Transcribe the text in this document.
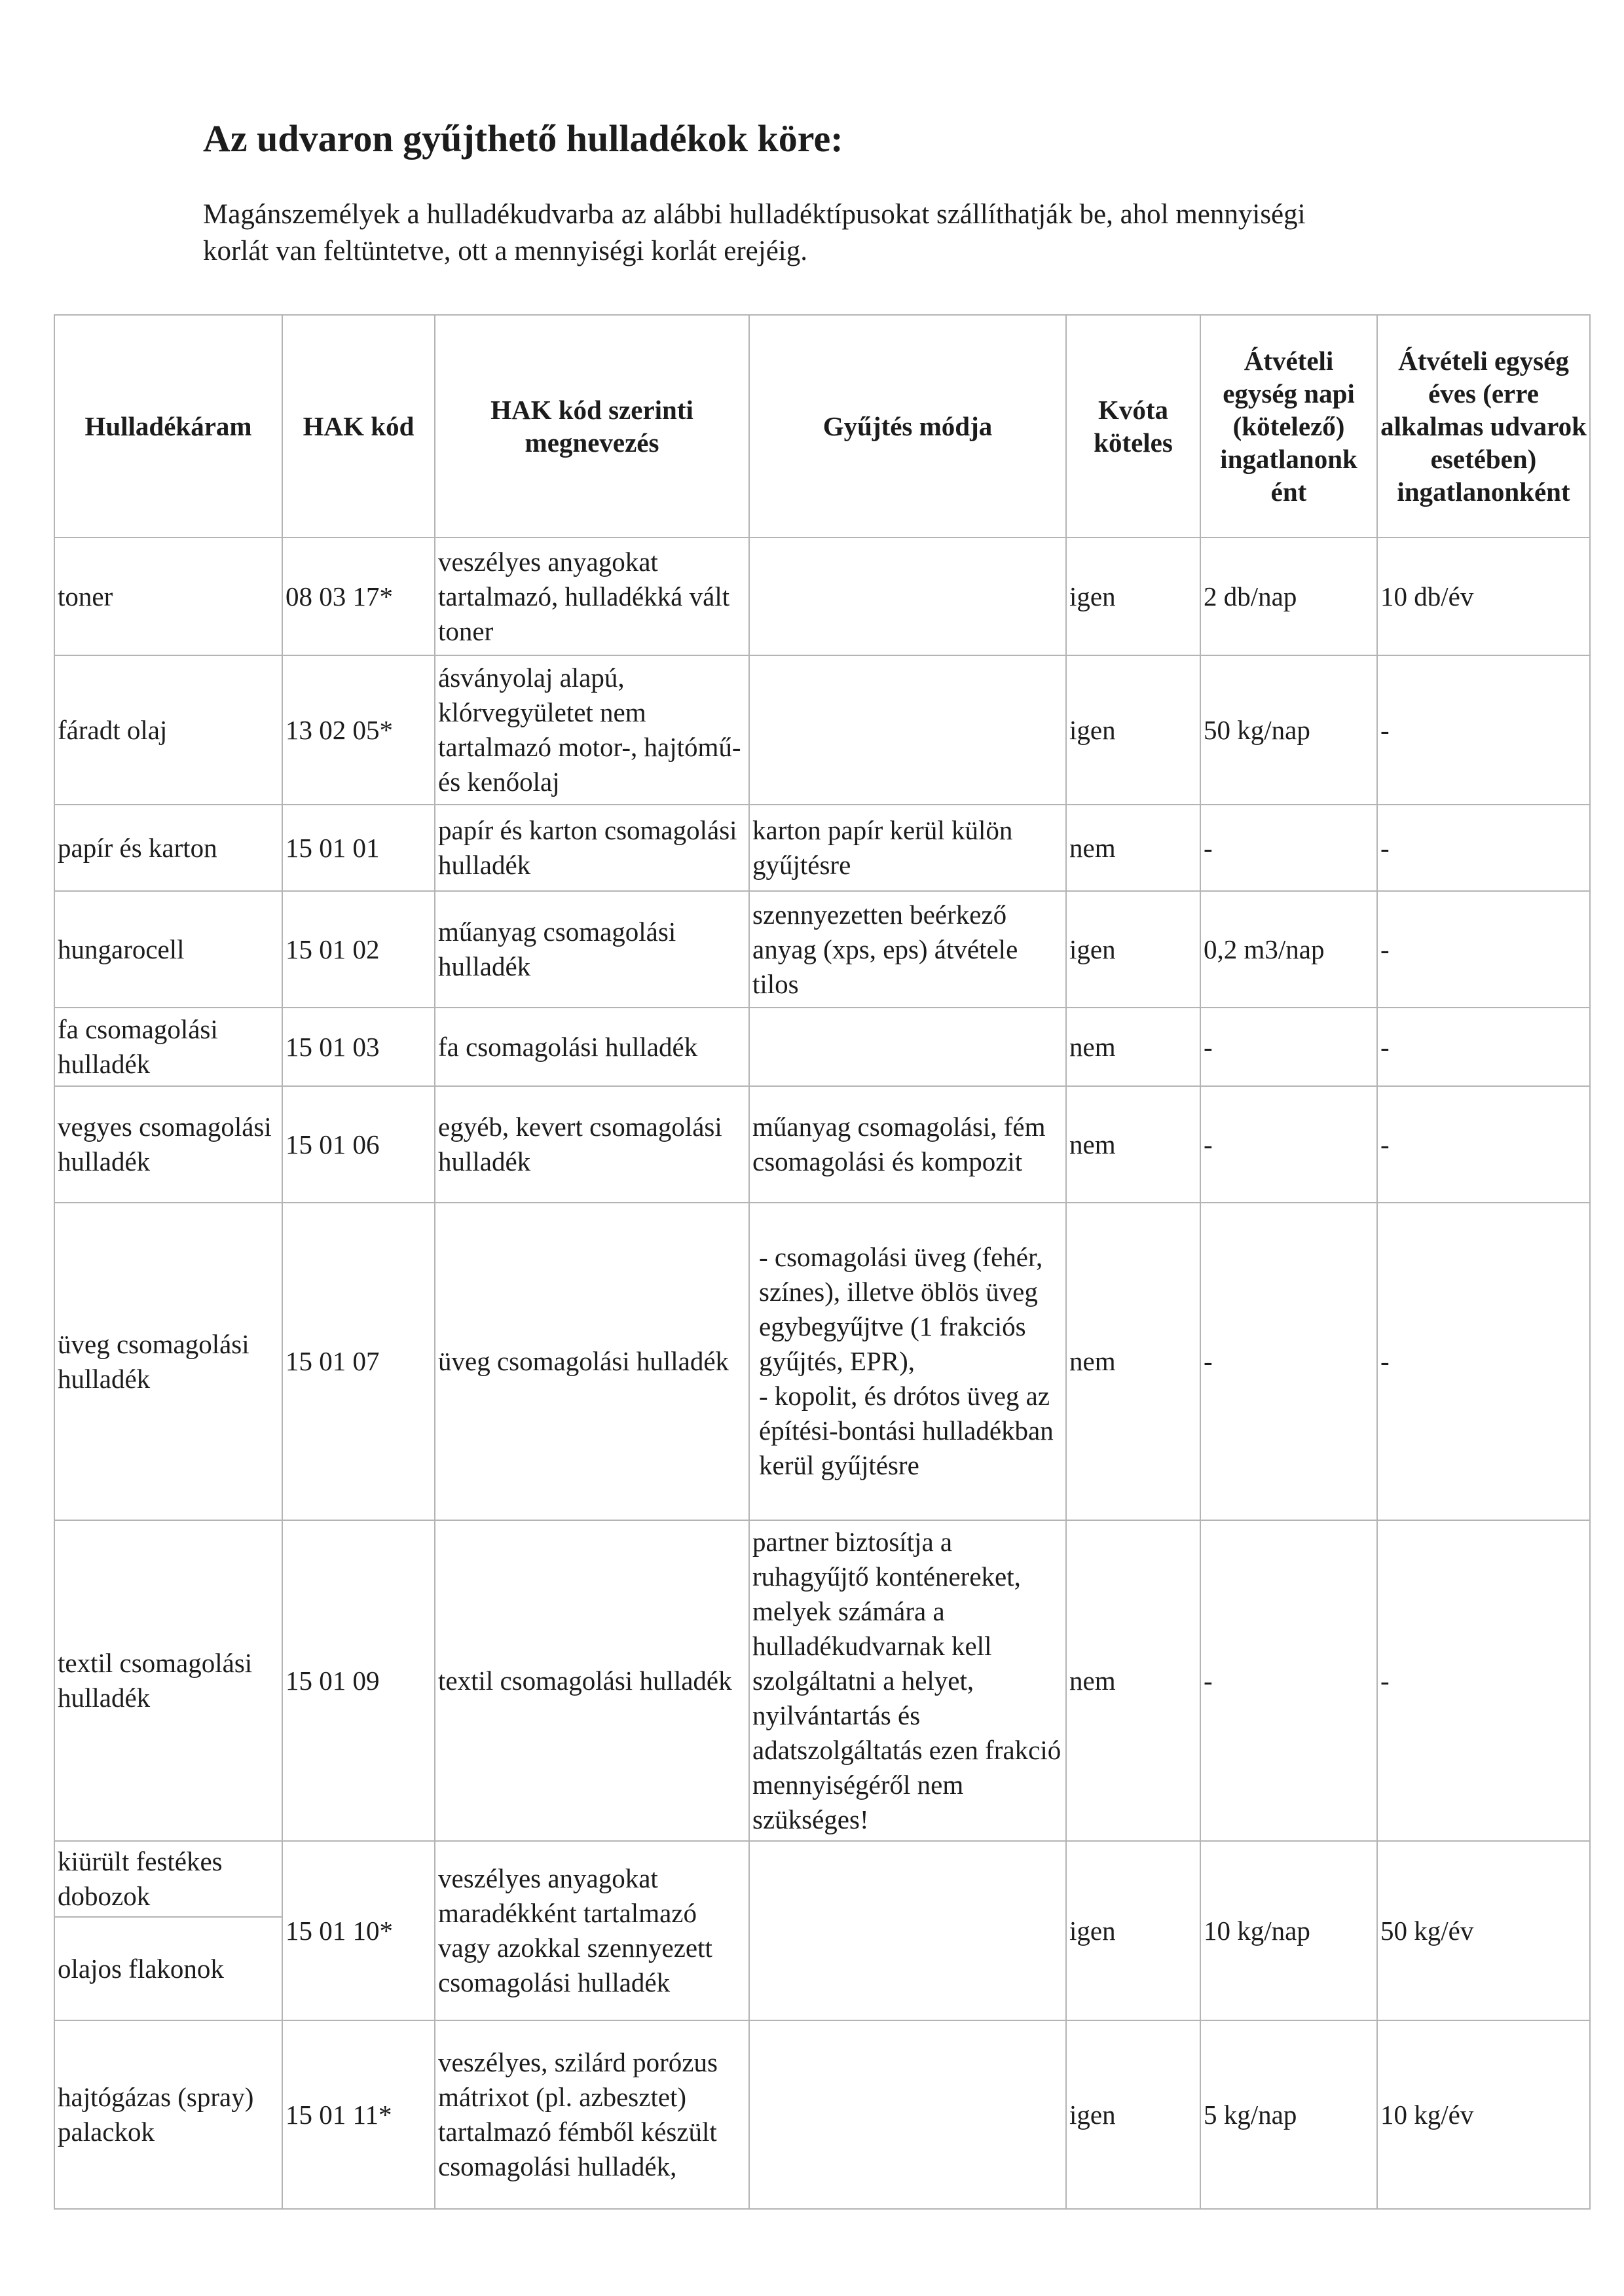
Az udvaron gyűjthető hulladékok köre:

Magánszemélyek a hulladékudvarba az alábbi hulladéktípusokat szállíthatják be, ahol mennyiségi korlát van feltüntetve, ott a mennyiségi korlát erejéig.

Hulladékáram	HAK kód	HAK kód szerinti megnevezés	Gyűjtés módja	Kvóta köteles	Átvételi egység napi (kötelező) ingatlanonk ént	Átvételi egység éves (erre alkalmas udvarok esetében) ingatlanonként
toner	08 03 17*	veszélyes anyagokat tartalmazó, hulladékká vált toner		igen	2 db/nap	10 db/év
fáradt olaj	13 02 05*	ásványolaj alapú, klórvegyületet nem tartalmazó motor-, hajtómű- és kenőolaj		igen	50 kg/nap	-
papír és karton	15 01 01	papír és karton csomagolási hulladék	karton papír kerül külön gyűjtésre	nem	-	-
hungarocell	15 01 02	műanyag csomagolási hulladék	szennyezetten beérkező anyag (xps, eps) átvétele tilos	igen	0,2 m3/nap	-
fa csomagolási hulladék	15 01 03	fa csomagolási hulladék		nem	-	-
vegyes csomagolási hulladék	15 01 06	egyéb, kevert csomagolási hulladék	műanyag csomagolási, fém csomagolási és kompozit	nem	-	-
üveg csomagolási hulladék	15 01 07	üveg csomagolási hulladék	- csomagolási üveg (fehér, színes), illetve öblös üveg egybegyűjtve (1 frakciós gyűjtés, EPR),
- kopolit, és drótos üveg az építési-bontási hulladékban kerül gyűjtésre	nem	-	-
textil csomagolási hulladék	15 01 09	textil csomagolási hulladék	partner biztosítja a ruhagyűjtő konténereket, melyek számára a hulladékudvarnak kell szolgáltatni a helyet, nyilvántartás és adatszolgáltatás ezen frakció mennyiségéről nem szükséges!	nem	-	-
kiürült festékes dobozok	15 01 10*	veszélyes anyagokat maradékként tartalmazó vagy azokkal szennyezett csomagolási hulladék		igen	10 kg/nap	50 kg/év
olajos flakonok						
hajtógázas (spray) palackok	15 01 11*	veszélyes, szilárd porózus mátrixot (pl. azbesztet) tartalmazó fémből készült csomagolási hulladék,		igen	5 kg/nap	10 kg/év
